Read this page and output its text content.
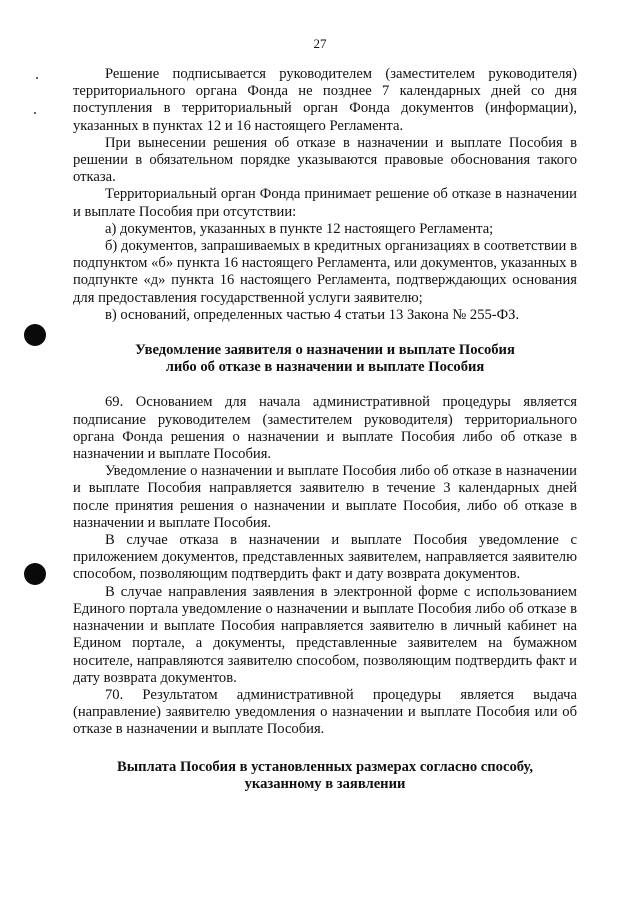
27

Решение подписывается руководителем (заместителем руководителя) территориального органа Фонда не позднее 7 календарных дней со дня поступления в территориальный орган Фонда документов (информации), указанных в пунктах 12 и 16 настоящего Регламента.

При вынесении решения об отказе в назначении и выплате Пособия в решении в обязательном порядке указываются правовые обоснования такого отказа.

Территориальный орган Фонда принимает решение об отказе в назначении и выплате Пособия при отсутствии:

а) документов, указанных в пункте 12 настоящего Регламента;

б) документов, запрашиваемых в кредитных организациях в соответствии в подпунктом «б» пункта 16 настоящего Регламента, или документов, указанных в подпункте «д» пункта 16 настоящего Регламента, подтверждающих основания для предоставления государственной услуги заявителю;

в) оснований, определенных частью 4 статьи 13 Закона № 255-ФЗ.

Уведомление заявителя о назначении и выплате Пособия
либо об отказе в назначении и выплате Пособия

69. Основанием для начала административной процедуры является подписание руководителем (заместителем руководителя) территориального органа Фонда решения о назначении и выплате Пособия либо об отказе в назначении и выплате Пособия.

Уведомление о назначении и выплате Пособия либо об отказе в назначении и выплате Пособия направляется заявителю в течение 3 календарных дней после принятия решения о назначении и выплате Пособия, либо об отказе в назначении и выплате Пособия.

В случае отказа в назначении и выплате Пособия уведомление с приложением документов, представленных заявителем, направляется заявителю способом, позволяющим подтвердить факт и дату возврата документов.

В случае направления заявления в электронной форме с использованием Единого портала уведомление о назначении и выплате Пособия либо об отказе в назначении и выплате Пособия направляется заявителю в личный кабинет на Едином портале, а документы, представленные заявителем на бумажном носителе, направляются заявителю способом, позволяющим подтвердить факт и дату возврата документов.

70. Результатом административной процедуры является выдача (направление) заявителю уведомления о назначении и выплате Пособия или об отказе в назначении и выплате Пособия.

Выплата Пособия в установленных размерах согласно способу,
указанному в заявлении
